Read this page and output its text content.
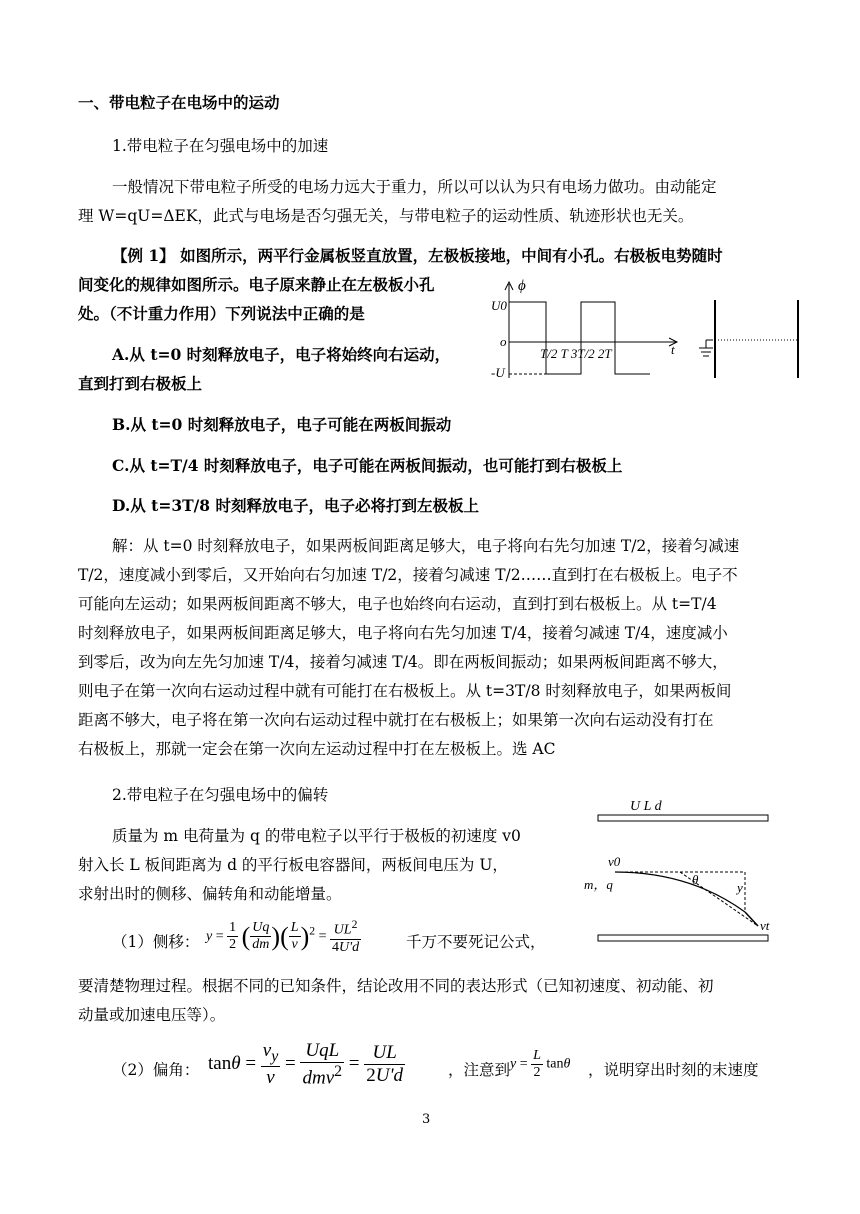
一、带电粒子在电场中的运动
1.带电粒子在匀强电场中的加速
一般情况下带电粒子所受的电场力远大于重力，所以可以认为只有电场力做功。由动能定
理 W=qU=ΔEK，此式与电场是否匀强无关，与带电粒子的运动性质、轨迹形状也无关。
【例 1】 如图所示，两平行金属板竖直放置，左极板接地，中间有小孔。右极板电势随时
间变化的规律如图所示。电子原来静止在左极板小孔
处。（不计重力作用）下列说法中正确的是
A.从 t=0 时刻释放电子，电子将始终向右运动，
直到打到右极板上
B.从 t=0 时刻释放电子，电子可能在两板间振动
C.从 t=T/4 时刻释放电子，电子可能在两板间振动，也可能打到右极板上
D.从 t=3T/8 时刻释放电子，电子必将打到左极板上
ϕ
U0
o
-U
t
T/2 T 3T/2 2T
解：从 t=0 时刻释放电子，如果两板间距离足够大，电子将向右先匀加速 T/2，接着匀减速
T/2，速度减小到零后，又开始向右匀加速 T/2，接着匀减速 T/2……直到打在右极板上。电子不
可能向左运动；如果两板间距离不够大，电子也始终向右运动，直到打到右极板上。从 t=T/4
时刻释放电子，如果两板间距离足够大，电子将向右先匀加速 T/4，接着匀减速 T/4，速度减小
到零后，改为向左先匀加速 T/4，接着匀减速 T/4。即在两板间振动；如果两板间距离不够大，
则电子在第一次向右运动过程中就有可能打在右极板上。从 t=3T/8 时刻释放电子，如果两板间
距离不够大，电子将在第一次向右运动过程中就打在右极板上；如果第一次向右运动没有打在
右极板上，那就一定会在第一次向左运动过程中打在左极板上。选 AC
2.带电粒子在匀强电场中的偏转
质量为 m 电荷量为 q 的带电粒子以平行于极板的初速度 v0
射入长 L 板间距离为 d 的平行板电容器间，两板间电压为 U，
求射出时的侧移、偏转角和动能增量。
U L d
v0
m，q	θ
y
vt
（1）侧移： $y = \frac{1}{2}$ ( $\frac{Uq}{dm}$ )( $\frac{L}{v} )^2 = \frac{UL^2}{4U'd}$	千万不要死记公式，
要清楚物理过程。根据不同的已知条件，结论改用不同的表达形式（已知初速度、初动能、初
动量或加速电压等）。
（2）偏角： $\tan\theta = \frac{v_y}{v} = \frac{\text{UqL}}{dmv^2} = \frac{UL}{2U'd}$	，注意到 $y = \frac{L}{2}$ tanθ ，说明穿出时刻的末速度
3
